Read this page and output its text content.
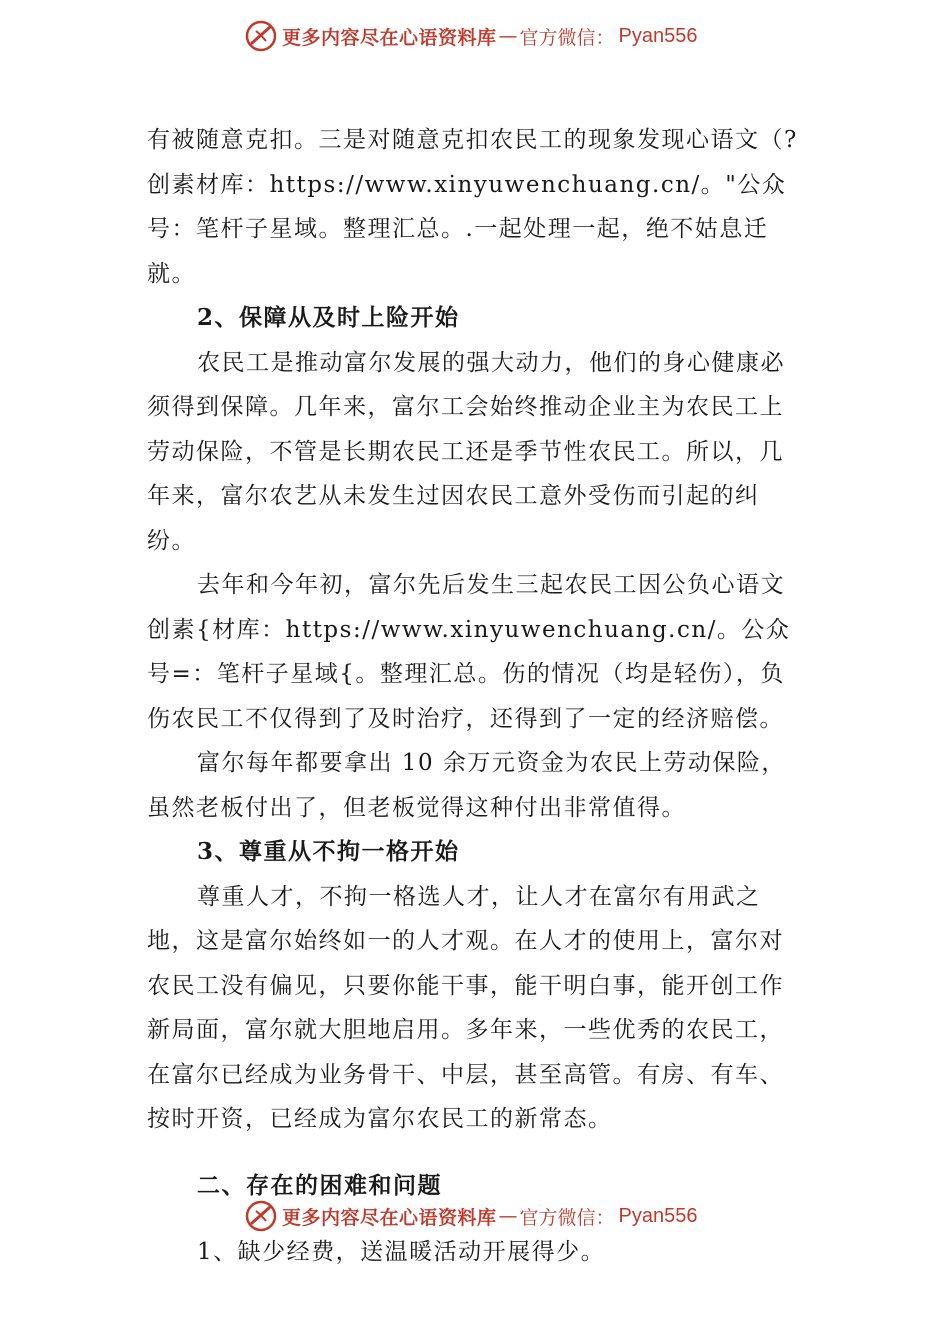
更多内容尽在心语资料库 — 官方微信： Pyan556

有被随意克扣。三是对随意克扣农民工的现象发现心语文（?创素材库：https://www.xinyuwenchuang.cn/。"公众号：笔杆子星域。整理汇总。.一起处理一起，绝不姑息迁就。

2、保障从及时上险开始

农民工是推动富尔发展的强大动力，他们的身心健康必须得到保障。几年来，富尔工会始终推动企业主为农民工上劳动保险，不管是长期农民工还是季节性农民工。所以，几年来，富尔农艺从未发生过因农民工意外受伤而引起的纠纷。

去年和今年初，富尔先后发生三起农民工因公负心语文创素{材库：https://www.xinyuwenchuang.cn/。公众号=：笔杆子星域{。整理汇总。伤的情况（均是轻伤），负伤农民工不仅得到了及时治疗，还得到了一定的经济赔偿。

富尔每年都要拿出 10 余万元资金为农民上劳动保险，虽然老板付出了，但老板觉得这种付出非常值得。

3、尊重从不拘一格开始

尊重人才，不拘一格选人才，让人才在富尔有用武之地，这是富尔始终如一的人才观。在人才的使用上，富尔对农民工没有偏见，只要你能干事，能干明白事，能开创工作新局面，富尔就大胆地启用。多年来，一些优秀的农民工，在富尔已经成为业务骨干、中层，甚至高管。有房、有车、按时开资，已经成为富尔农民工的新常态。

二、存在的困难和问题

1、缺少经费，送温暖活动开展得少。

更多内容尽在心语资料库 — 官方微信： Pyan556
